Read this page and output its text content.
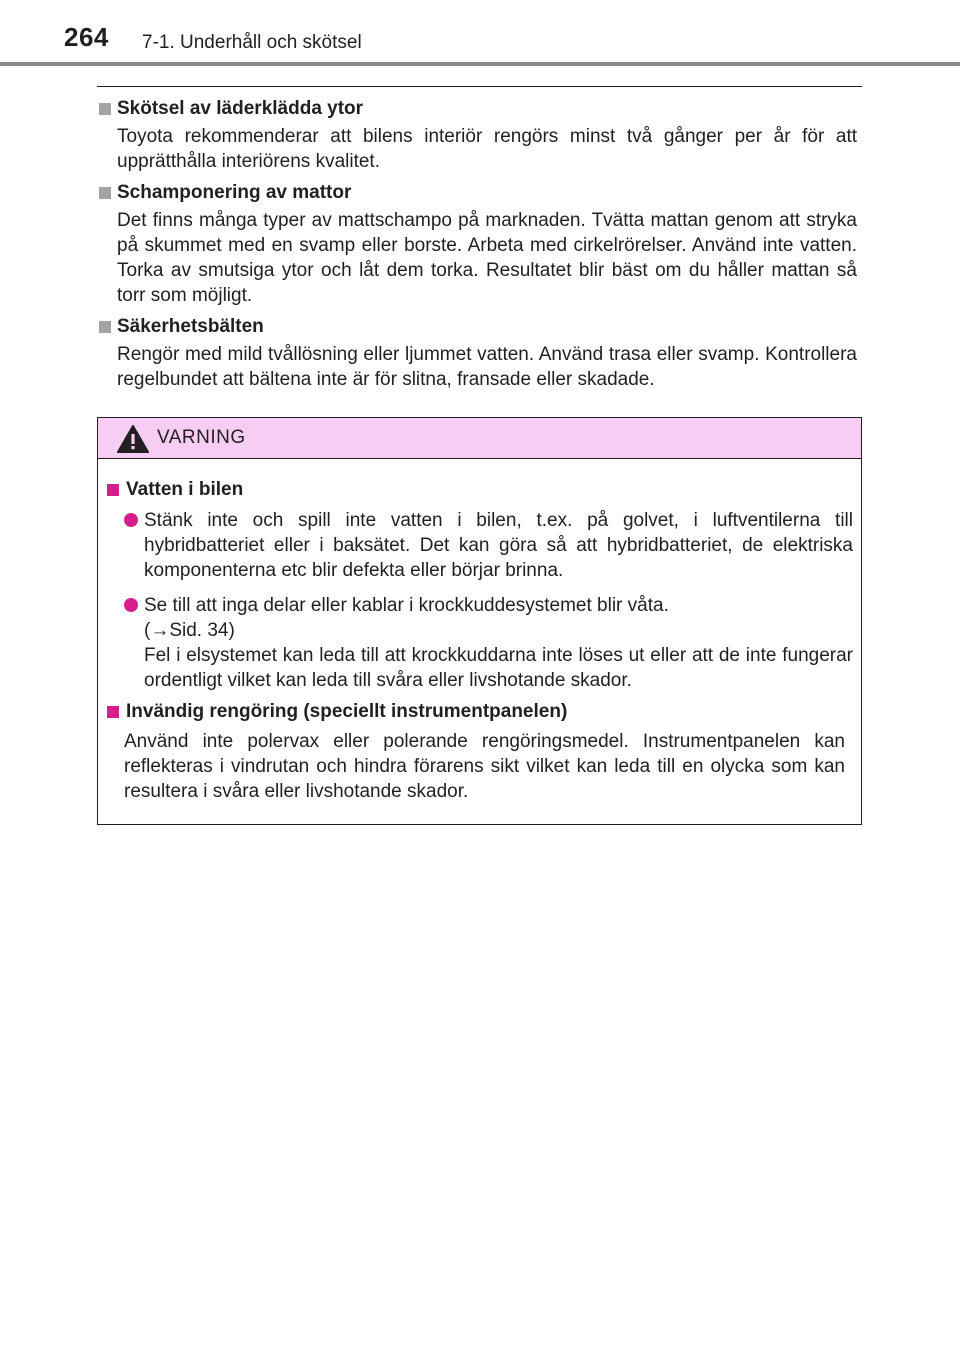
264 7-1. Underhåll och skötsel
Skötsel av läderklädda ytor
Toyota rekommenderar att bilens interiör rengörs minst två gånger per år för att upprätthålla interiörens kvalitet.
Schamponering av mattor
Det finns många typer av mattschampo på marknaden. Tvätta mattan genom att stryka på skummet med en svamp eller borste. Arbeta med cirkelrörelser. Använd inte vatten. Torka av smutsiga ytor och låt dem torka. Resultatet blir bäst om du håller mattan så torr som möjligt.
Säkerhetsbälten
Rengör med mild tvållösning eller ljummet vatten. Använd trasa eller svamp. Kontrollera regelbundet att bältena inte är för slitna, fransade eller skadade.
VARNING
Vatten i bilen
Stänk inte och spill inte vatten i bilen, t.ex. på golvet, i luftventilerna till hybridbatteriet eller i baksätet. Det kan göra så att hybridbatteriet, de elektriska komponenterna etc blir defekta eller börjar brinna.
Se till att inga delar eller kablar i krockkuddesystemet blir våta.
(→Sid. 34)
Fel i elsystemet kan leda till att krockkuddarna inte löses ut eller att de inte fungerar ordentligt vilket kan leda till svåra eller livshotande skador.
Invändig rengöring (speciellt instrumentpanelen)
Använd inte polervax eller polerande rengöringsmedel. Instrumentpanelen kan reflekteras i vindrutan och hindra förarens sikt vilket kan leda till en olycka som kan resultera i svåra eller livshotande skador.
